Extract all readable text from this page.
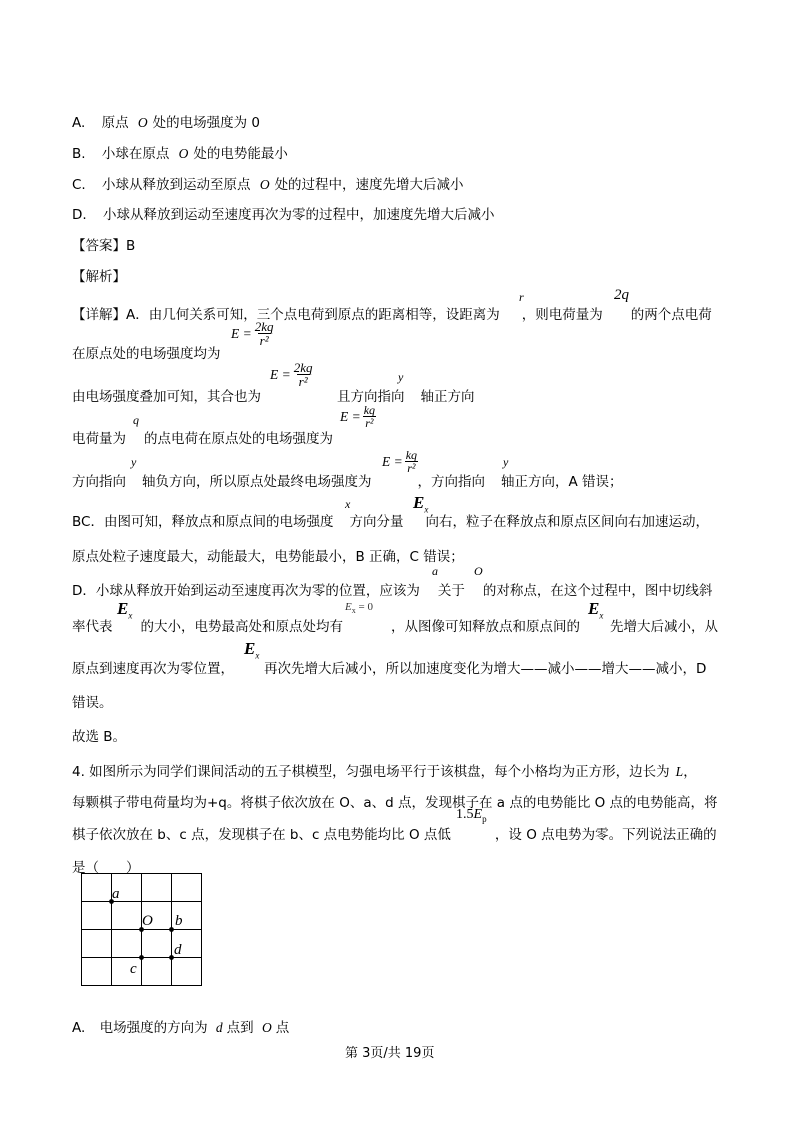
A. 原点 O 处的电场强度为 0
B. 小球在原点 O 处的电势能最小
C. 小球从释放到运动至原点 O 处的过程中，速度先增大后减小
D. 小球从释放到运动至速度再次为零的过程中，加速度先增大后减小
【答案】B
【解析】
r	2q
【详解】A．由几何关系可知，三个点电荷到原点的距离相等，设距离为 ，则电荷量为 的两个点电荷
$E = \frac{2kq}{\text{r²}}$
在原点处的电场强度均为
$E = \frac{2kq}{\text{r²}}$	y
由电场强度叠加可知，其合也为	且方向指向 轴正方向
q	$E = \frac{kq}{\text{r²}}$
电荷量为 的点电荷在原点处的电场强度为
y	$E = \frac{kq}{\text{r²}}$	y
方向指向 轴负方向，所以原点处最终电场强度为	，方向指向 轴正方向，A 错误；
x	$E_x$
BC．由图可知，释放点和原点间的电场强度 方向分量 向右，粒子在释放点和原点区间向右加速运动，
原点处粒子速度最大，动能最大，电势能最小，B 正确，C 错误；
a	O
D．小球从释放开始到运动至速度再次为零的位置，应该为 关于 的对称点，在这个过程中，图中切线斜
$E_x$
$E_x = 0$	$E_x$
率代表 的大小，电势最高处和原点处均有	，从图像可知释放点和原点间的 先增大后减小，从
$E_x$
原点到速度再次为零位置， 再次先增大后减小，所以加速度变化为增大——减小——增大——减小，D
错误。
故选 B。
4. 如图所示为同学们课间活动的五子棋模型，匀强电场平行于该棋盘，每个小格均为正方形，边长为 L，
每颗棋子带电荷量均为+q。将棋子依次放在 O、a、d 点，发现棋子在 a 点的电势能比 O 点的电势能高，将
$1.5E_p$
棋子依次放在 b、c 点，发现棋子在 b、c 点电势能均比 O 点低	，设 O 点电势为零。下列说法正确的
是（　　）
a
O b
d
c
A. 电场强度的方向为 d 点到 O 点
第 3页/共 19页
